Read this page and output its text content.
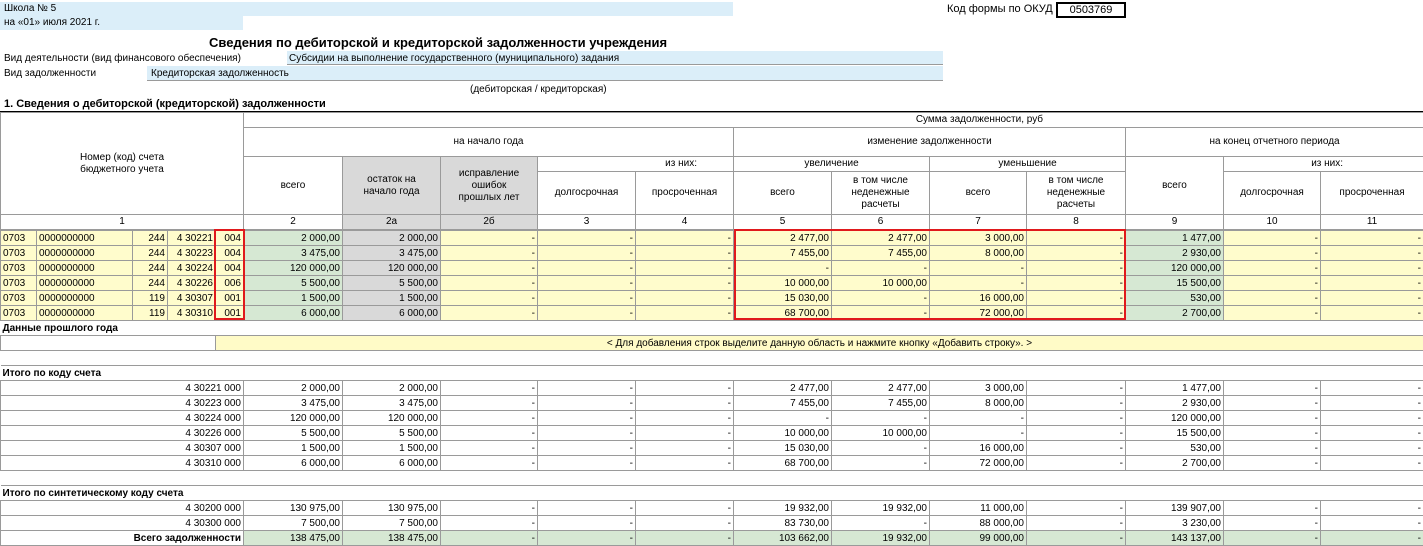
Школа № 5
на «01» июля 2021 г.
Код формы по ОКУД	0503769
Сведения по дебиторской и кредиторской задолженности учреждения
Вид деятельности (вид финансового обеспечения)	Субсидии на выполнение государственного (муниципального) задания
Вид задолженности	Кредиторская задолженность
(дебиторская / кредиторская)
1. Сведения о дебиторской (кредиторской) задолженности
Номер (код) счета бюджетного учета	Сумма задолженности, руб											
	на начало года					изменение задолженности				на конец отчетного периода		
	всего	остаток на начало года	исправление ошибок прошлых лет	из них:		увеличение		уменьшение		всего	из них:	
				долгосрочная	просроченная	всего	в том числе неденежные расчеты	всего	в том числе неденежные расчеты		долгосрочная	просроченная
1	2	2а	2б	3	4	5	6	7	8	9	10	11
0703	0000000000	244	4 30221	004	2 000,00	2 000,00	-	-	-	2 477,00	2 477,00	3 000,00	-	1 477,00	-	-
0703	0000000000	244	4 30223	004	3 475,00	3 475,00	-	-	-	7 455,00	7 455,00	8 000,00	-	2 930,00	-	-
0703	0000000000	244	4 30224	004	120 000,00	120 000,00	-	-	-	-	-	-	-	120 000,00	-	-
0703	0000000000	244	4 30226	006	5 500,00	5 500,00	-	-	-	10 000,00	10 000,00	-	-	15 500,00	-	-
0703	0000000000	119	4 30307	001	1 500,00	1 500,00	-	-	-	15 030,00	-	16 000,00	-	530,00	-	-
0703	0000000000	119	4 30310	001	6 000,00	6 000,00	-	-	-	68 700,00	-	72 000,00	-	2 700,00	-	-
Данные прошлого года																
				< Для добавления строк выделите данную область и нажмите кнопку «Добавить строку». >												

Итого по коду счета																
4 30221 000					2 000,00	2 000,00	-	-	-	2 477,00	2 477,00	3 000,00	-	1 477,00	-	-
4 30223 000					3 475,00	3 475,00	-	-	-	7 455,00	7 455,00	8 000,00	-	2 930,00	-	-
4 30224 000					120 000,00	120 000,00	-	-	-	-	-	-	-	120 000,00	-	-
4 30226 000					5 500,00	5 500,00	-	-	-	10 000,00	10 000,00	-	-	15 500,00	-	-
4 30307 000					1 500,00	1 500,00	-	-	-	15 030,00	-	16 000,00	-	530,00	-	-
4 30310 000					6 000,00	6 000,00	-	-	-	68 700,00	-	72 000,00	-	2 700,00	-	-

Итого по синтетическому коду счета																
4 30200 000					130 975,00	130 975,00	-	-	-	19 932,00	19 932,00	11 000,00	-	139 907,00	-	-
4 30300 000					7 500,00	7 500,00	-	-	-	83 730,00	-	88 000,00	-	3 230,00	-	-
Всего задолженности					138 475,00	138 475,00	-	-	-	103 662,00	19 932,00	99 000,00	-	143 137,00	-	-
